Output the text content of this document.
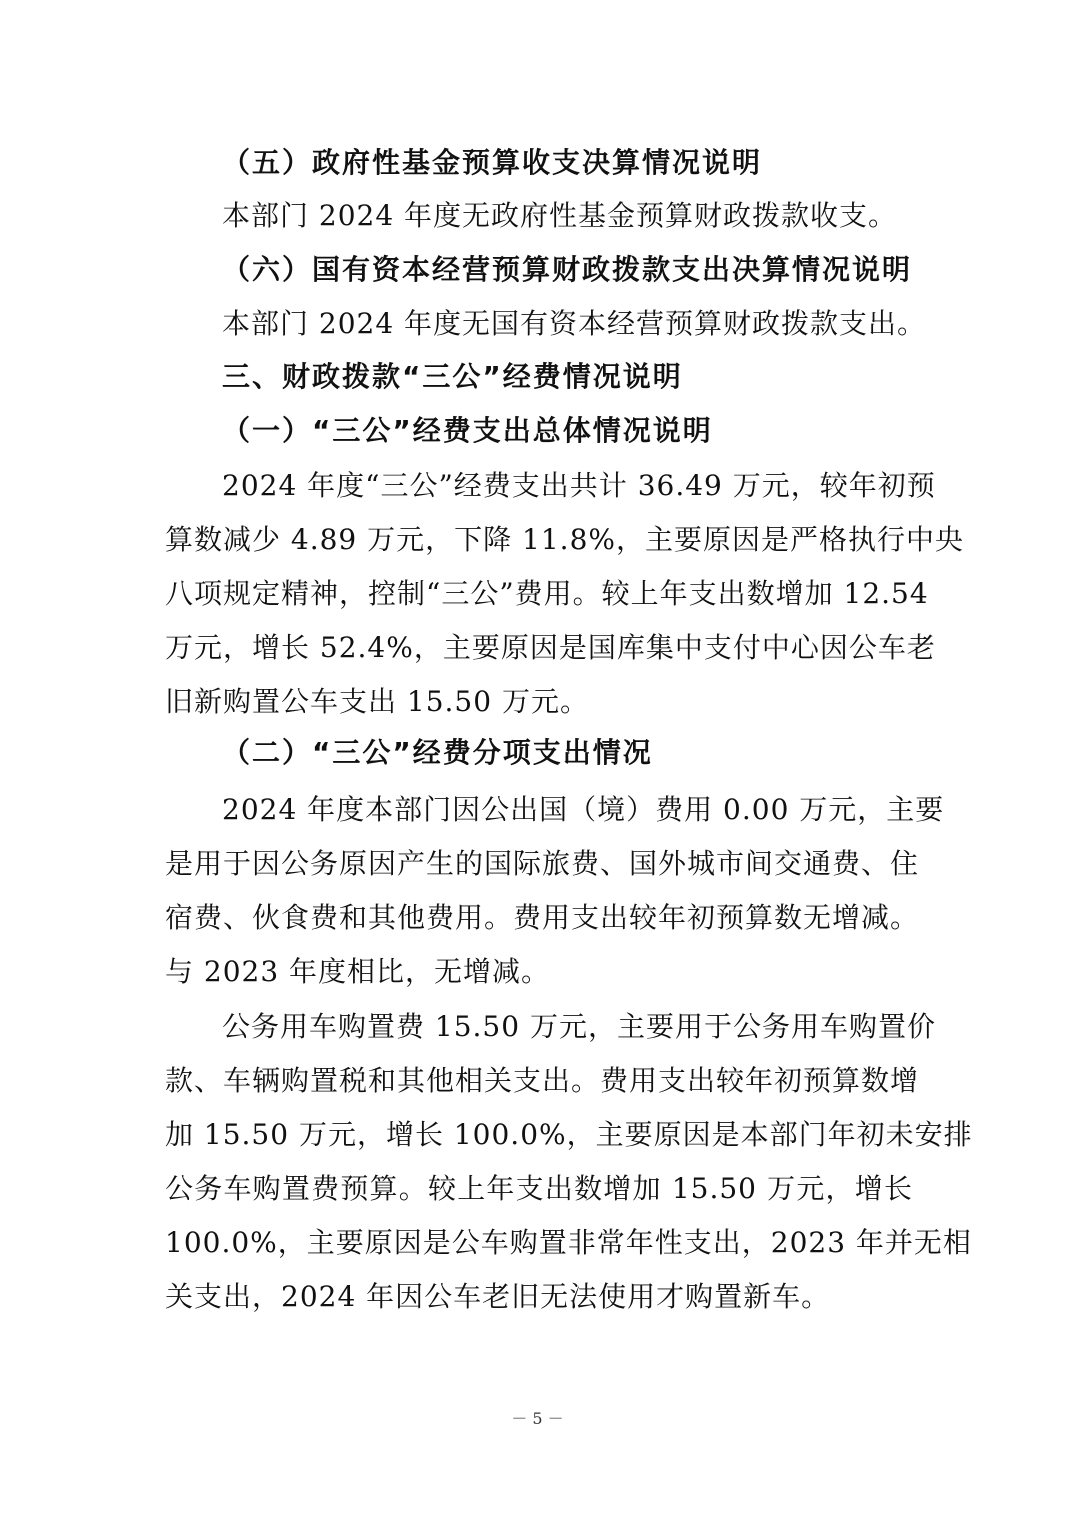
（五）政府性基金预算收支决算情况说明
本部门 2024 年度无政府性基金预算财政拨款收支。
（六）国有资本经营预算财政拨款支出决算情况说明
本部门 2024 年度无国有资本经营预算财政拨款支出。
三、财政拨款“三公”经费情况说明
（一）“三公”经费支出总体情况说明
2024 年度“三公”经费支出共计 36.49 万元，较年初预
算数减少 4.89 万元，下降 11.8%，主要原因是严格执行中央
八项规定精神，控制“三公”费用。较上年支出数增加 12.54
万元，增长 52.4%，主要原因是国库集中支付中心因公车老
旧新购置公车支出 15.50 万元。
（二）“三公”经费分项支出情况
2024 年度本部门因公出国（境）费用 0.00 万元，主要
是用于因公务原因产生的国际旅费、国外城市间交通费、住
宿费、伙食费和其他费用。费用支出较年初预算数无增减。
与 2023 年度相比，无增减。
公务用车购置费 15.50 万元，主要用于公务用车购置价
款、车辆购置税和其他相关支出。费用支出较年初预算数增
加 15.50 万元，增长 100.0%，主要原因是本部门年初未安排
公务车购置费预算。较上年支出数增加 15.50 万元，增长
100.0%，主要原因是公车购置非常年性支出，2023 年并无相
关支出，2024 年因公车老旧无法使用才购置新车。
－ 5 －
